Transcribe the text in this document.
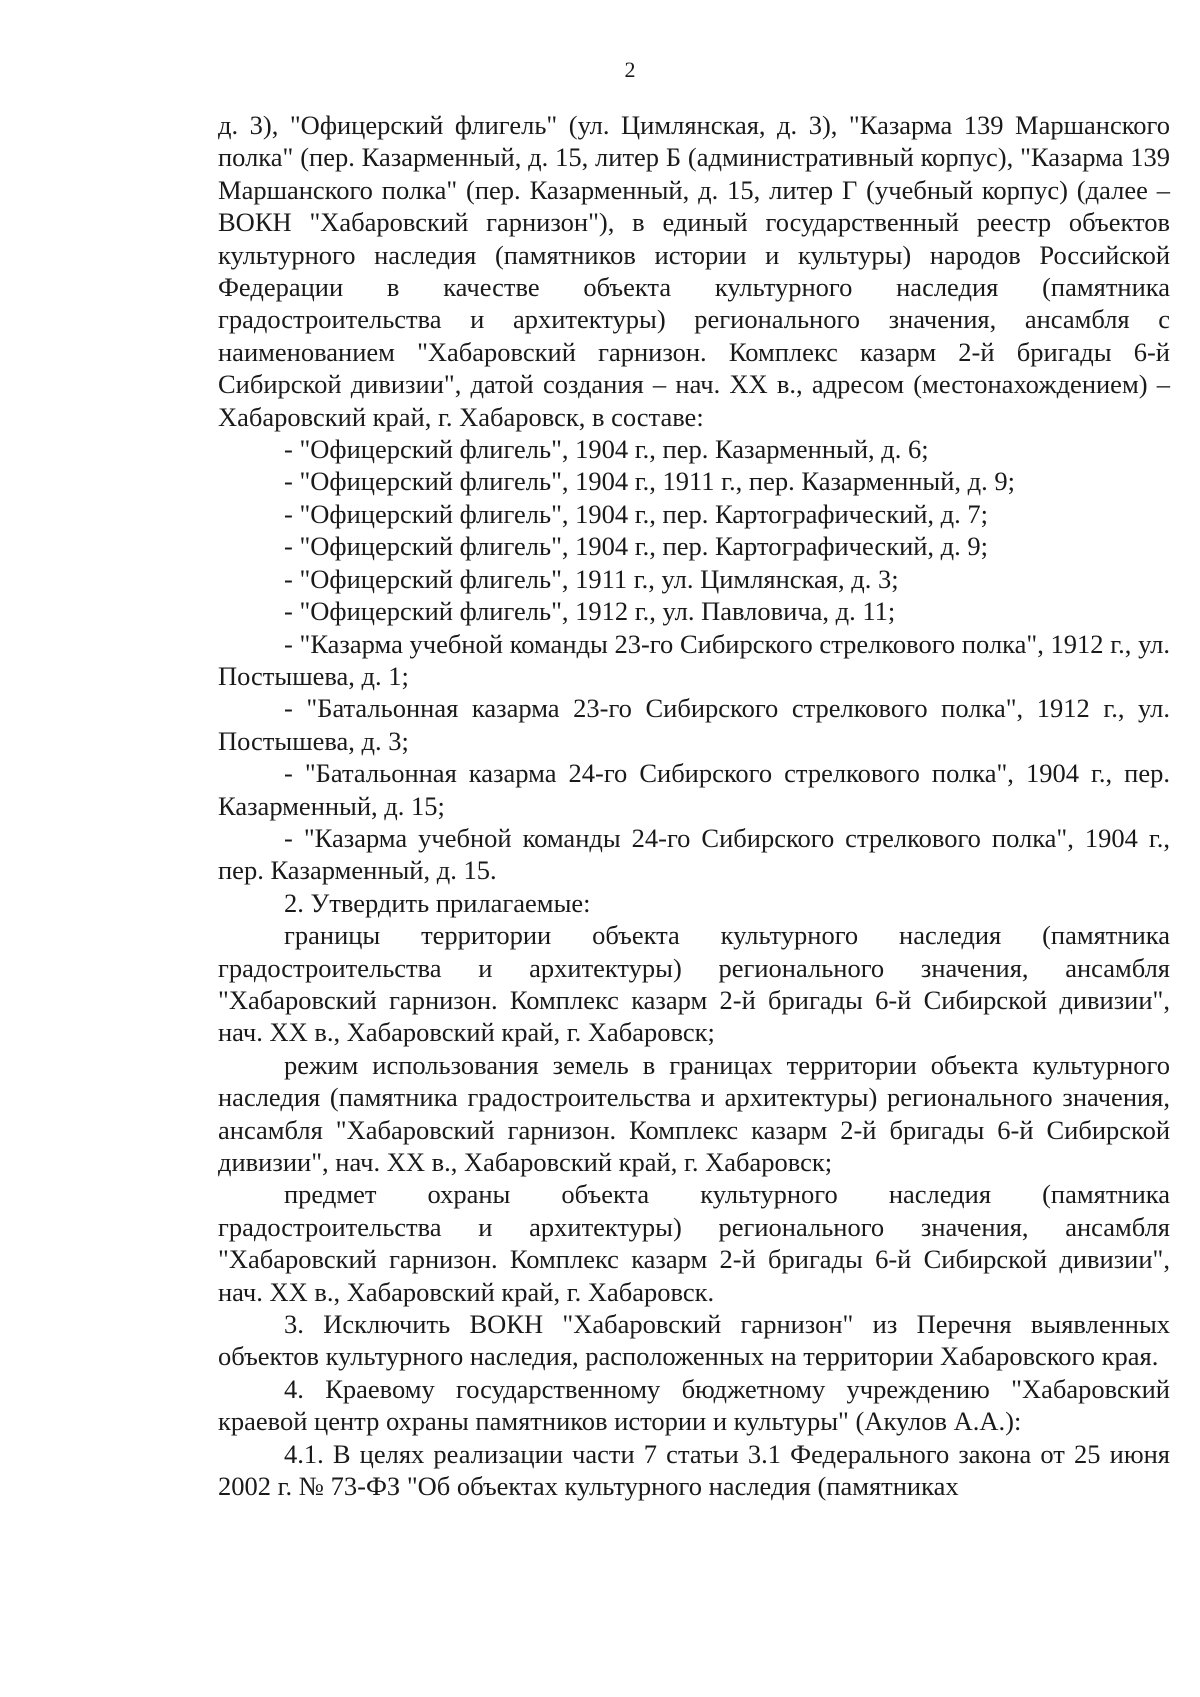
2

д. 3), "Офицерский флигель" (ул. Цимлянская, д. 3), "Казарма 139 Маршанского полка" (пер. Казарменный, д. 15, литер Б (административный корпус), "Казарма 139 Маршанского полка" (пер. Казарменный, д. 15, литер Г (учебный корпус) (далее – ВОКН "Хабаровский гарнизон"), в единый государственный реестр объектов культурного наследия (памятников истории и культуры) народов Российской Федерации в качестве объекта культурного наследия (памятника градостроительства и архитектуры) регионального значения, ансамбля с наименованием "Хабаровский гарнизон. Комплекс казарм 2-й бригады 6-й Сибирской дивизии", датой создания – нач. XX в., адресом (местонахождением) – Хабаровский край, г. Хабаровск, в составе:

- "Офицерский флигель", 1904 г., пер. Казарменный, д. 6;

- "Офицерский флигель", 1904 г., 1911 г., пер. Казарменный, д. 9;

- "Офицерский флигель", 1904 г., пер. Картографический, д. 7;

- "Офицерский флигель", 1904 г., пер. Картографический, д. 9;

- "Офицерский флигель", 1911 г., ул. Цимлянская, д. 3;

- "Офицерский флигель", 1912 г., ул. Павловича, д. 11;

- "Казарма учебной команды 23-го Сибирского стрелкового полка", 1912 г., ул. Постышева, д. 1;

- "Батальонная казарма 23-го Сибирского стрелкового полка", 1912 г., ул. Постышева, д. 3;

- "Батальонная казарма 24-го Сибирского стрелкового полка", 1904 г., пер. Казарменный, д. 15;

- "Казарма учебной команды 24-го Сибирского стрелкового полка", 1904 г., пер. Казарменный, д. 15.

2. Утвердить прилагаемые:

границы территории объекта культурного наследия (памятника градостроительства и архитектуры) регионального значения, ансамбля "Хабаровский гарнизон. Комплекс казарм 2-й бригады 6-й Сибирской дивизии", нач. XX в., Хабаровский край, г. Хабаровск;

режим использования земель в границах территории объекта культурного наследия (памятника градостроительства и архитектуры) регионального значения, ансамбля "Хабаровский гарнизон. Комплекс казарм 2-й бригады 6-й Сибирской дивизии", нач. XX в., Хабаровский край, г. Хабаровск;

предмет охраны объекта культурного наследия (памятника градостроительства и архитектуры) регионального значения, ансамбля "Хабаровский гарнизон. Комплекс казарм 2-й бригады 6-й Сибирской дивизии", нач. XX в., Хабаровский край, г. Хабаровск.

3. Исключить ВОКН "Хабаровский гарнизон" из Перечня выявленных объектов культурного наследия, расположенных на территории Хабаровского края.

4. Краевому государственному бюджетному учреждению "Хабаровский краевой центр охраны памятников истории и культуры" (Акулов А.А.):

4.1. В целях реализации части 7 статьи 3.1 Федерального закона от 25 июня 2002 г. № 73-ФЗ "Об объектах культурного наследия (памятниках
